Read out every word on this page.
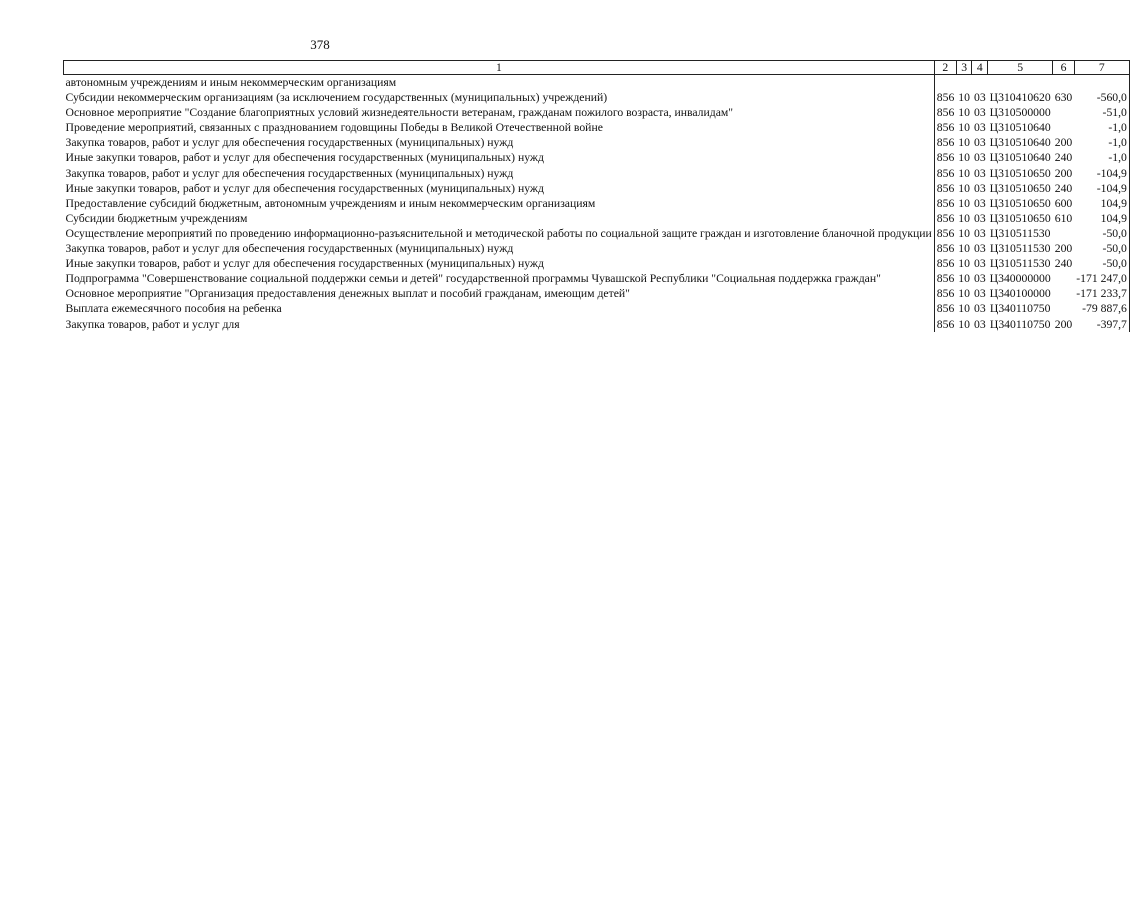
378
1	2	3	4	5	6	7
автономным учреждениям и иным некоммерческим организациям						
Субсидии некоммерческим организациям (за исключением государственных (муниципальных) учреждений)	856	10	03	Ц310410620	630	-560,0
Основное мероприятие "Создание благоприятных условий жизнедеятельности ветеранам, гражданам пожилого возраста, инвалидам"	856	10	03	Ц310500000		-51,0
Проведение мероприятий, связанных с празднованием годовщины Победы в Великой Отечественной войне	856	10	03	Ц310510640		-1,0
Закупка товаров, работ и услуг для обеспечения государственных (муниципальных) нужд	856	10	03	Ц310510640	200	-1,0
Иные закупки товаров, работ и услуг для обеспечения государственных (муниципальных) нужд	856	10	03	Ц310510640	240	-1,0
Закупка товаров, работ и услуг для обеспечения государственных (муниципальных) нужд	856	10	03	Ц310510650	200	-104,9
Иные закупки товаров, работ и услуг для обеспечения государственных (муниципальных) нужд	856	10	03	Ц310510650	240	-104,9
Предоставление субсидий бюджетным, автономным учреждениям и иным некоммерческим организациям	856	10	03	Ц310510650	600	104,9
Субсидии бюджетным учреждениям	856	10	03	Ц310510650	610	104,9
Осуществление мероприятий по проведению информационно-разъяснительной и методической работы по социальной защите граждан и изготовление бланочной продукции	856	10	03	Ц310511530		-50,0
Закупка товаров, работ и услуг для обеспечения государственных (муниципальных) нужд	856	10	03	Ц310511530	200	-50,0
Иные закупки товаров, работ и услуг для обеспечения государственных (муниципальных) нужд	856	10	03	Ц310511530	240	-50,0
Подпрограмма "Совершенствование социальной поддержки семьи и детей" государственной программы Чувашской Республики "Социальная поддержка граждан"	856	10	03	Ц340000000		-171 247,0
Основное мероприятие "Организация предоставления денежных выплат и пособий гражданам, имеющим детей"	856	10	03	Ц340100000		-171 233,7
Выплата ежемесячного пособия на ребенка	856	10	03	Ц340110750		-79 887,6
Закупка товаров, работ и услуг для	856	10	03	Ц340110750	200	-397,7
